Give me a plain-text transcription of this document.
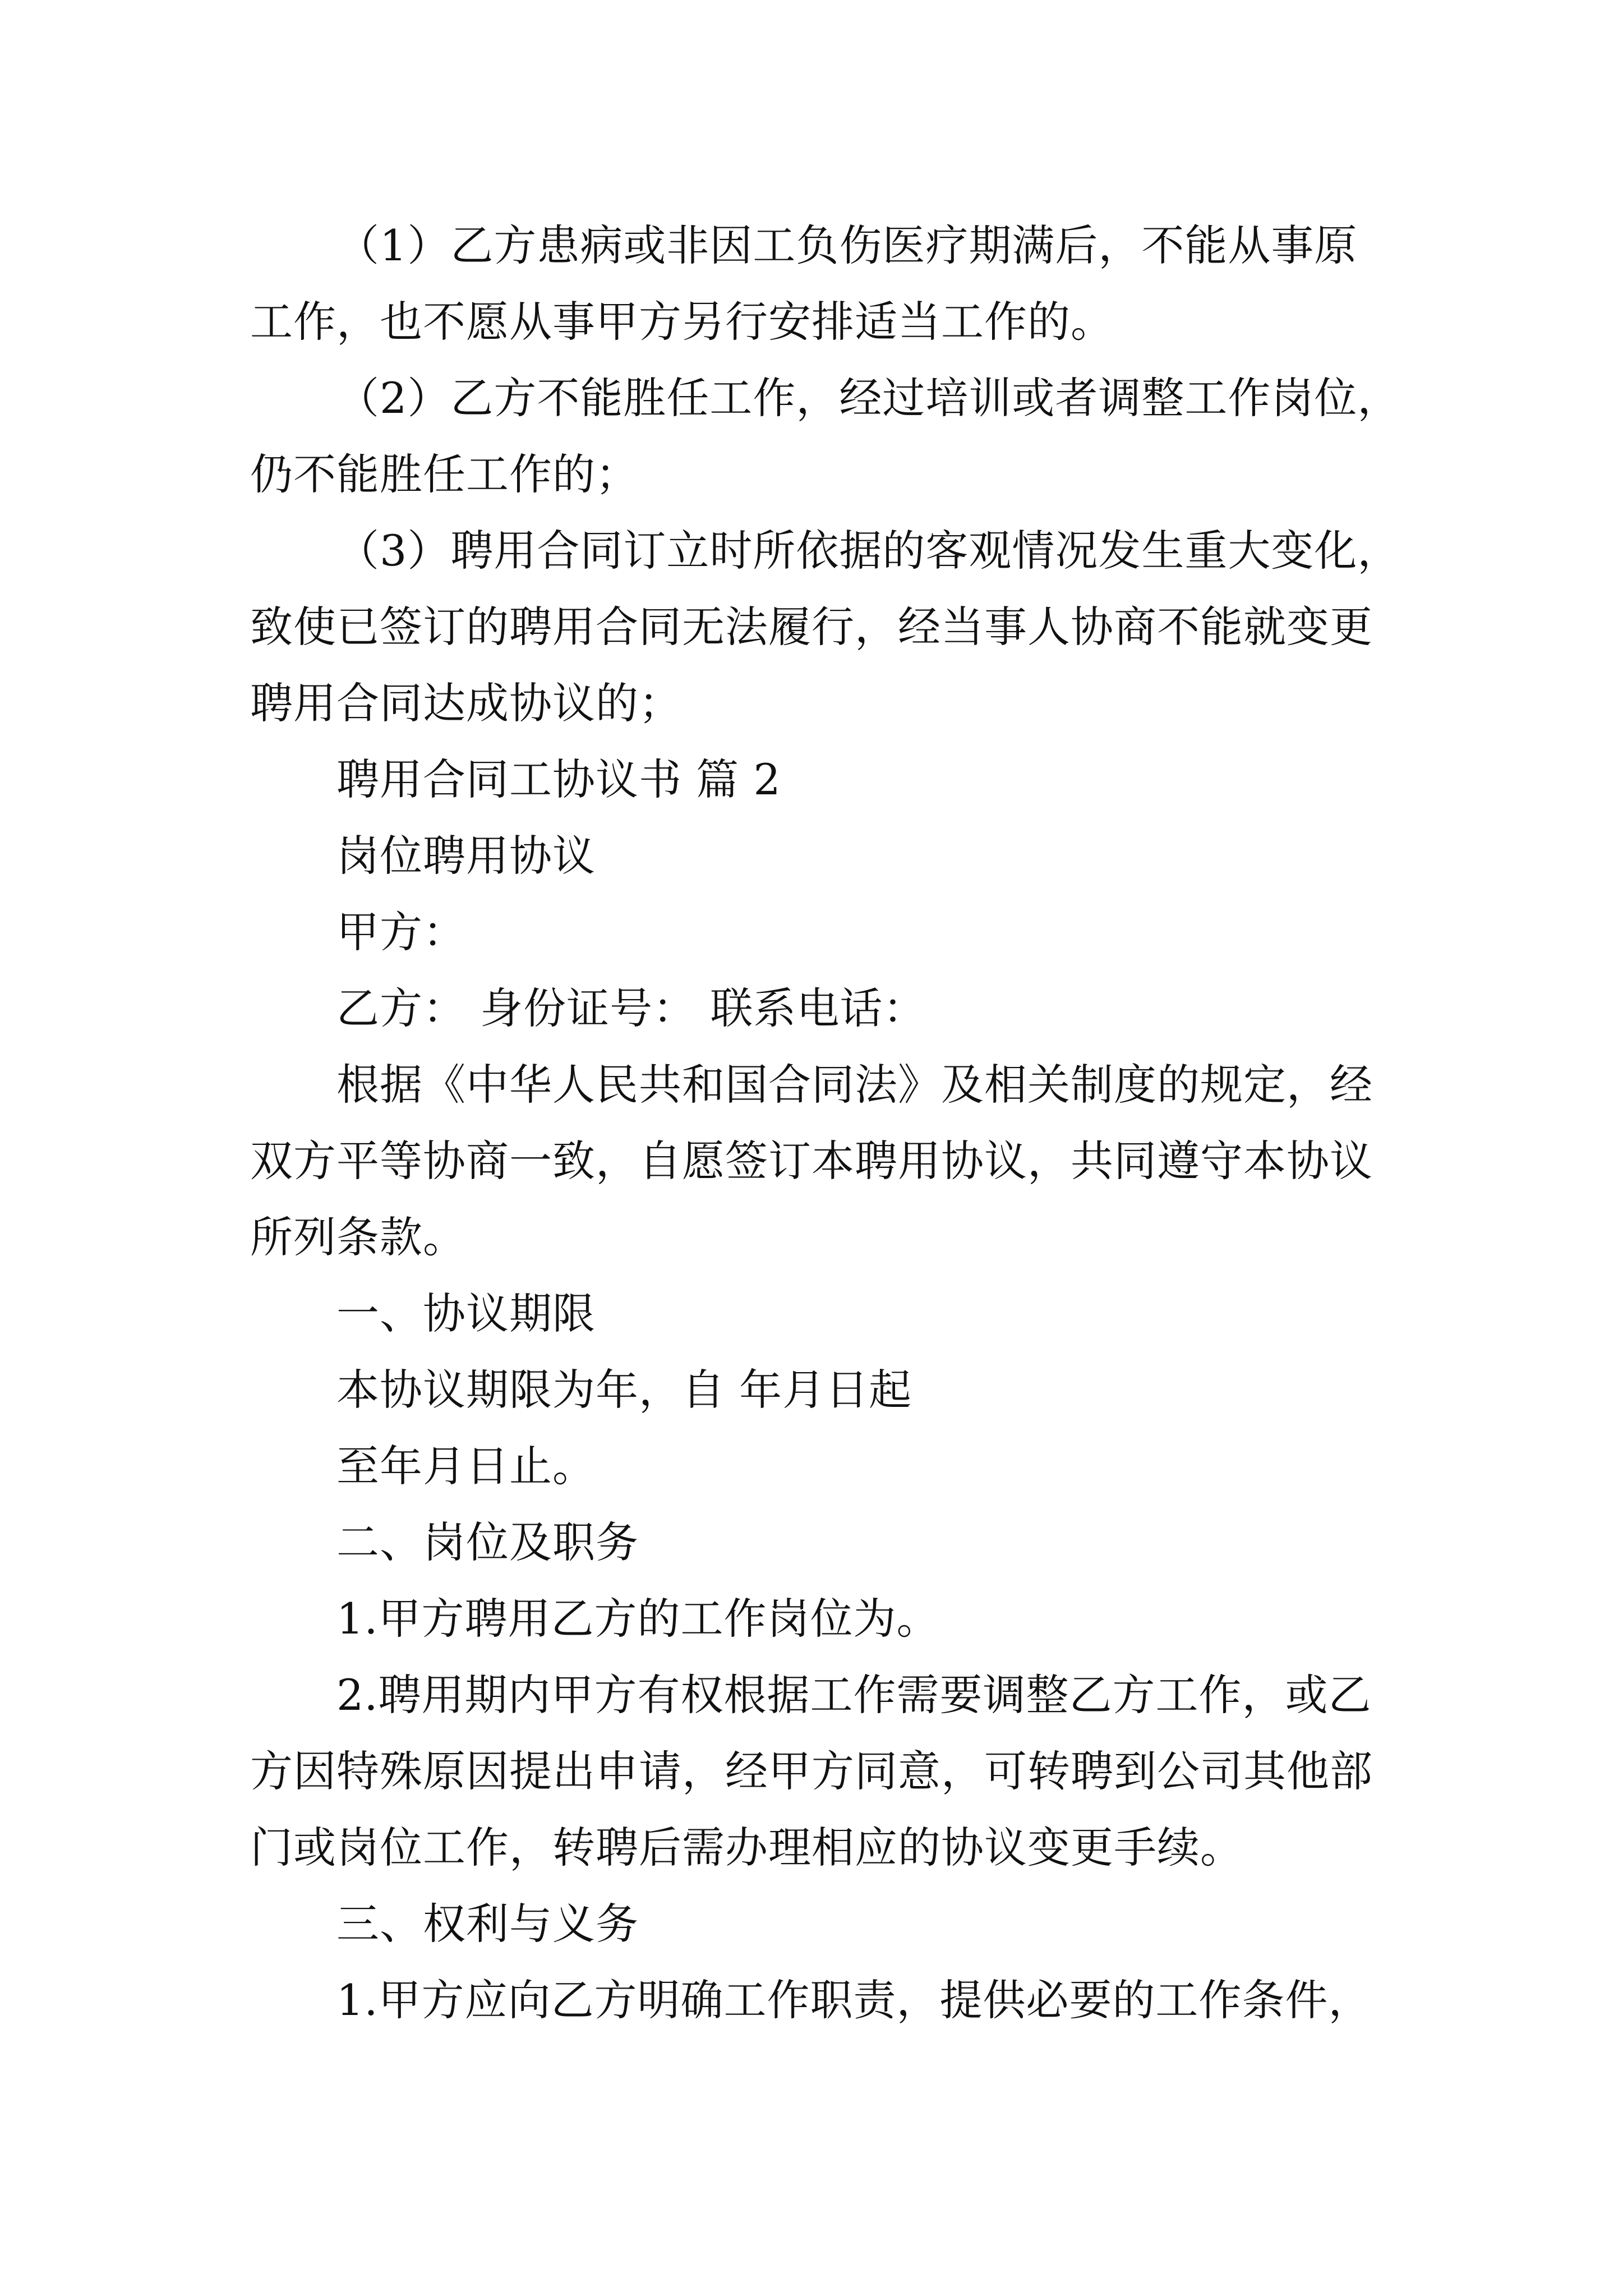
（1）乙方患病或非因工负伤医疗期满后，不能从事原
工作，也不愿从事甲方另行安排适当工作的。
（2）乙方不能胜任工作，经过培训或者调整工作岗位，
仍不能胜任工作的；
（3）聘用合同订立时所依据的客观情况发生重大变化，
致使已签订的聘用合同无法履行，经当事人协商不能就变更
聘用合同达成协议的；
聘用合同工协议书 篇 2
岗位聘用协议
甲方：
乙方： 身份证号： 联系电话：
根据《中华人民共和国合同法》及相关制度的规定，经
双方平等协商一致，自愿签订本聘用协议，共同遵守本协议
所列条款。
一、协议期限
本协议期限为年，自 年月日起
至年月日止。
二、岗位及职务
1.甲方聘用乙方的工作岗位为。
2.聘用期内甲方有权根据工作需要调整乙方工作，或乙
方因特殊原因提出申请，经甲方同意，可转聘到公司其他部
门或岗位工作，转聘后需办理相应的协议变更手续。
三、权利与义务
1.甲方应向乙方明确工作职责，提供必要的工作条件，
